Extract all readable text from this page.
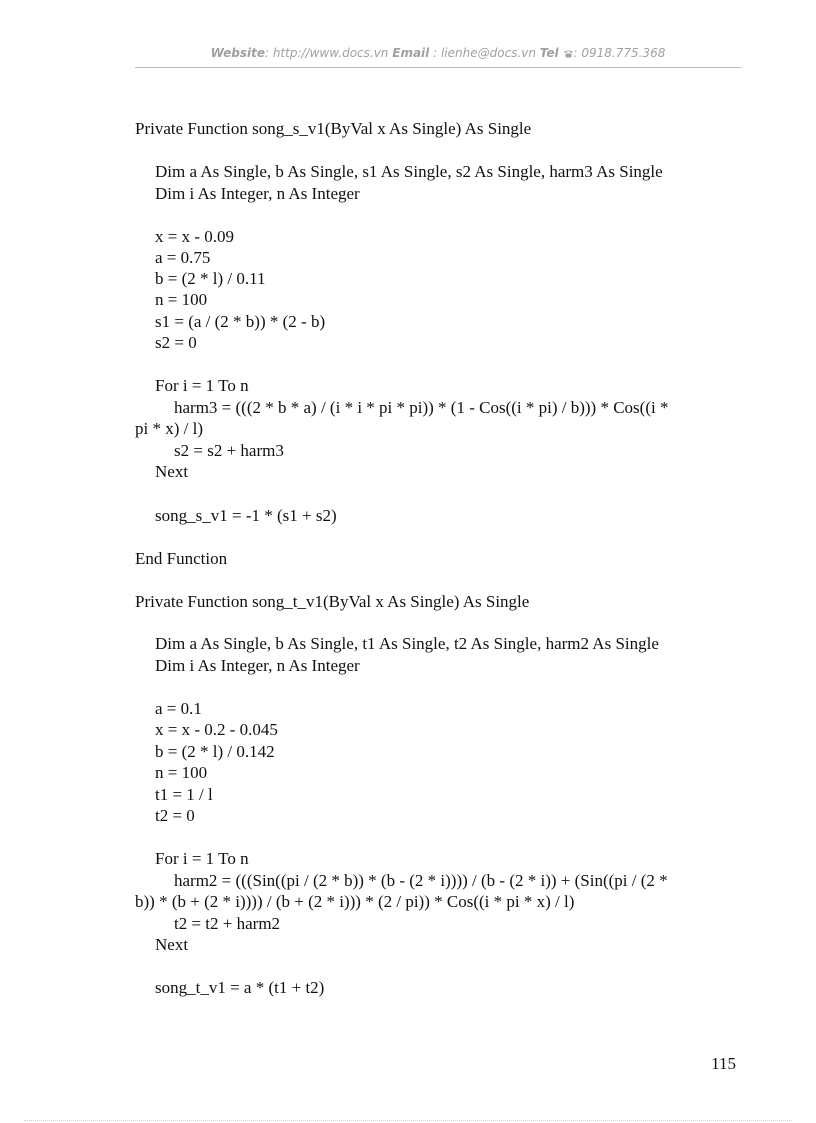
Website: http://www.docs.vn Email : lienhe@docs.vn Tel : 0918.775.368
Private Function song_s_v1(ByVal x As Single) As Single
Dim a As Single, b As Single, s1 As Single, s2 As Single, harm3 As Single
Dim i As Integer, n As Integer
x = x - 0.09
a = 0.75
b = (2 * l) / 0.11
n = 100
s1 = (a / (2 * b)) * (2 - b)
s2 = 0
For i = 1 To n
harm3 = (((2 * b * a) / (i * i * pi * pi)) * (1 - Cos((i * pi) / b))) * Cos((i *
pi * x) / l)
s2 = s2 + harm3
Next
song_s_v1 = -1 * (s1 + s2)
End Function
Private Function song_t_v1(ByVal x As Single) As Single
Dim a As Single, b As Single, t1 As Single, t2 As Single, harm2 As Single
Dim i As Integer, n As Integer
a = 0.1
x = x - 0.2 - 0.045
b = (2 * l) / 0.142
n = 100
t1 = 1 / l
t2 = 0
For i = 1 To n
harm2 = (((Sin((pi / (2 * b)) * (b - (2 * i)))) / (b - (2 * i)) + (Sin((pi / (2 *
b)) * (b + (2 * i)))) / (b + (2 * i))) * (2 / pi)) * Cos((i * pi * x) / l)
t2 = t2 + harm2
Next
song_t_v1 = a * (t1 + t2)
115
